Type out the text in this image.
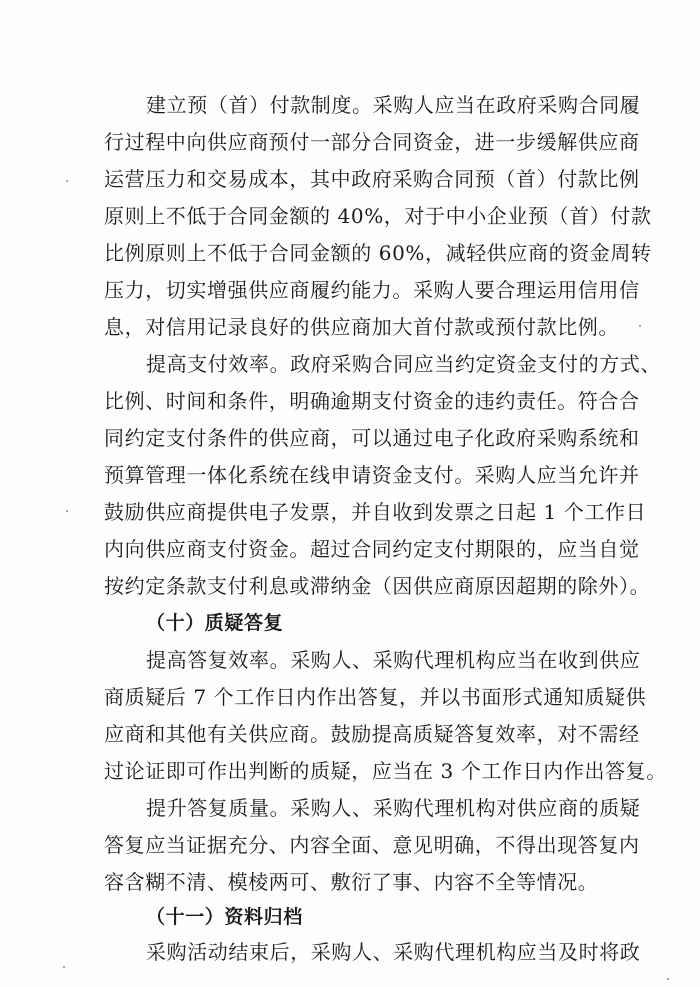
建立预（首）付款制度。采购人应当在政府采购合同履
行过程中向供应商预付一部分合同资金，进一步缓解供应商
运营压力和交易成本，其中政府采购合同预（首）付款比例
原则上不低于合同金额的 40%，对于中小企业预（首）付款
比例原则上不低于合同金额的 60%，减轻供应商的资金周转
压力，切实增强供应商履约能力。采购人要合理运用信用信
息，对信用记录良好的供应商加大首付款或预付款比例。
提高支付效率。政府采购合同应当约定资金支付的方式、
比例、时间和条件，明确逾期支付资金的违约责任。符合合
同约定支付条件的供应商，可以通过电子化政府采购系统和
预算管理一体化系统在线申请资金支付。采购人应当允许并
鼓励供应商提供电子发票，并自收到发票之日起 1 个工作日
内向供应商支付资金。超过合同约定支付期限的，应当自觉
按约定条款支付利息或滞纳金（因供应商原因超期的除外）。
（十）质疑答复
提高答复效率。采购人、采购代理机构应当在收到供应
商质疑后 7 个工作日内作出答复，并以书面形式通知质疑供
应商和其他有关供应商。鼓励提高质疑答复效率，对不需经
过论证即可作出判断的质疑，应当在 3 个工作日内作出答复。
提升答复质量。采购人、采购代理机构对供应商的质疑
答复应当证据充分、内容全面、意见明确，不得出现答复内
容含糊不清、模棱两可、敷衍了事、内容不全等情况。
（十一）资料归档
采购活动结束后，采购人、采购代理机构应当及时将政
